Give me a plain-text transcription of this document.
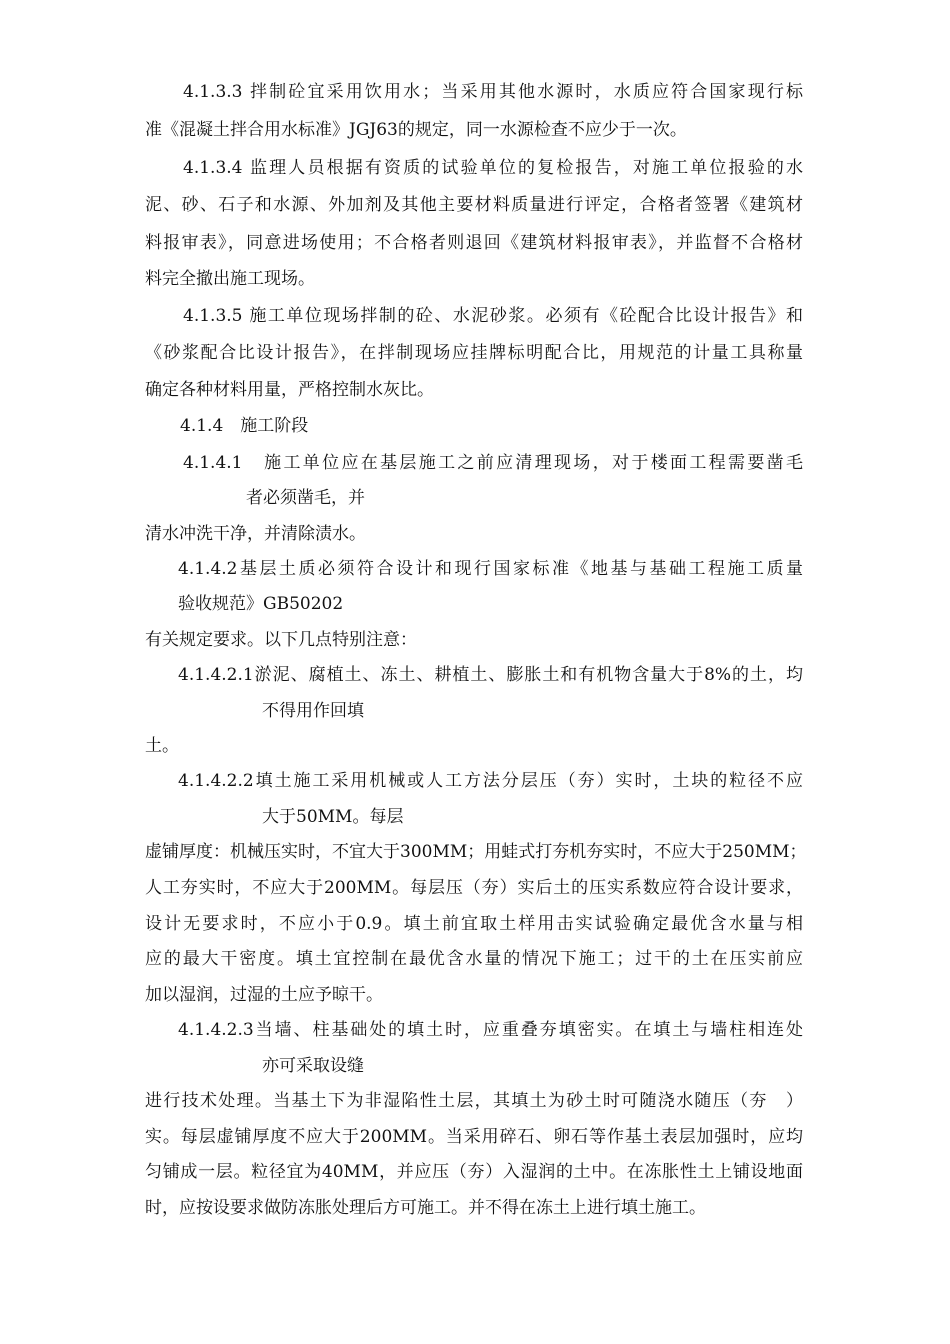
4.1.3.3 拌制砼宜采用饮用水；当采用其他水源时，水质应符合国家现行标
准《混凝土拌合用水标准》JGJ63的规定，同一水源检查不应少于一次。
4.1.3.4 监理人员根据有资质的试验单位的复检报告，对施工单位报验的水
泥、砂、石子和水源、外加剂及其他主要材料质量进行评定，合格者签署《建筑材
料报审表》，同意进场使用；不合格者则退回《建筑材料报审表》，并监督不合格材
料完全撤出施工现场。
4.1.3.5 施工单位现场拌制的砼、水泥砂浆。必须有《砼配合比设计报告》和
《砂浆配合比设计报告》，在拌制现场应挂牌标明配合比，用规范的计量工具称量
确定各种材料用量，严格控制水灰比。
4.1.4　施工阶段
4.1.4.1　施工单位应在基层施工之前应清理现场，对于楼面工程需要凿毛
者必须凿毛，并
清水冲洗干净，并清除渍水。
4.1.4.2基层土质必须符合设计和现行国家标准《地基与基础工程施工质量
验收规范》GB50202
有关规定要求。以下几点特别注意：
4.1.4.2.1淤泥、腐植土、冻土、耕植土、膨胀土和有机物含量大于8%的土，均
不得用作回填
土。
4.1.4.2.2填土施工采用机械或人工方法分层压（夯）实时，土块的粒径不应
大于50MM。每层
虚铺厚度：机械压实时，不宜大于300MM；用蛙式打夯机夯实时，不应大于250MM；
人工夯实时，不应大于200MM。每层压（夯）实后土的压实系数应符合设计要求，
设计无要求时，不应小于0.9。填土前宜取土样用击实试验确定最优含水量与相
应的最大干密度。填土宜控制在最优含水量的情况下施工；过干的土在压实前应
加以湿润，过湿的土应予晾干。
4.1.4.2.3当墙、柱基础处的填土时，应重叠夯填密实。在填土与墙柱相连处
亦可采取设缝
进行技术处理。当基土下为非湿陷性土层，其填土为砂土时可随浇水随压（夯　）
实。每层虚铺厚度不应大于200MM。当采用碎石、卵石等作基土表层加强时，应均
匀铺成一层。粒径宜为40MM，并应压（夯）入湿润的土中。在冻胀性土上铺设地面
时，应按设要求做防冻胀处理后方可施工。并不得在冻土上进行填土施工。
